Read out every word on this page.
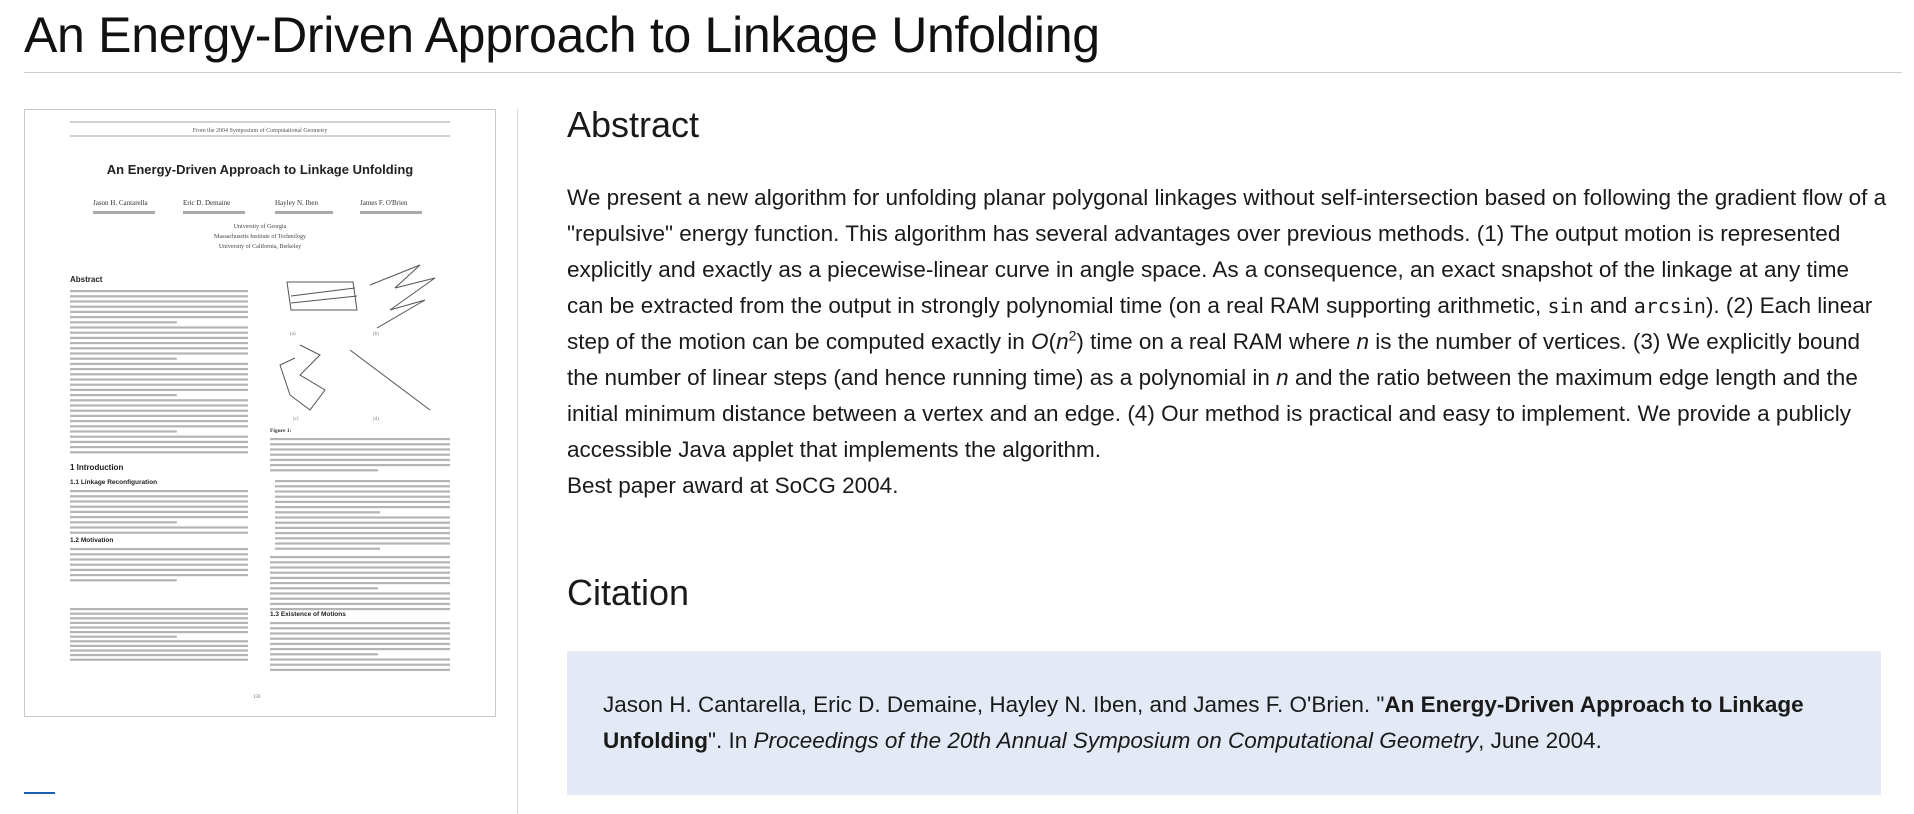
An Energy-Driven Approach to Linkage Unfolding
From the 2004 Symposium of Computational Geometry
An Energy-Driven Approach to Linkage Unfolding
Jason H. Cantarella	Eric D. Demaine	Hayley N. Iben	James F. O'Brien
University of Georgia
Massachusetts Institute of Technology
University of California, Berkeley
Abstract
1 Introduction
1.1 Linkage Reconfiguration
1.2 Motivation
1.3 Existence of Motions
(a)	(b)
(c)	(d)
Figure 1:
156
Abstract
We present a new algorithm for unfolding planar polygonal linkages without self-intersection based on following the gradient flow of a "repulsive" energy function. This algorithm has several advantages over previous methods. (1) The output motion is represented explicitly and exactly as a piecewise-linear curve in angle space. As a consequence, an exact snapshot of the linkage at any time can be extracted from the output in strongly polynomial time (on a real RAM supporting arithmetic, sin and arcsin). (2) Each linear step of the motion can be computed exactly in $O(n^2)$ time on a real RAM where n is the number of vertices. (3) We explicitly bound the number of linear steps (and hence running time) as a polynomial in n and the ratio between the maximum edge length and the initial minimum distance between a vertex and an edge. (4) Our method is practical and easy to implement. We provide a publicly accessible Java applet that implements the algorithm.
Best paper award at SoCG 2004.
Citation
Jason H. Cantarella, Eric D. Demaine, Hayley N. Iben, and James F. O'Brien. "An Energy-Driven Approach to Linkage Unfolding". In Proceedings of the 20th Annual Symposium on Computational Geometry, June 2004.
